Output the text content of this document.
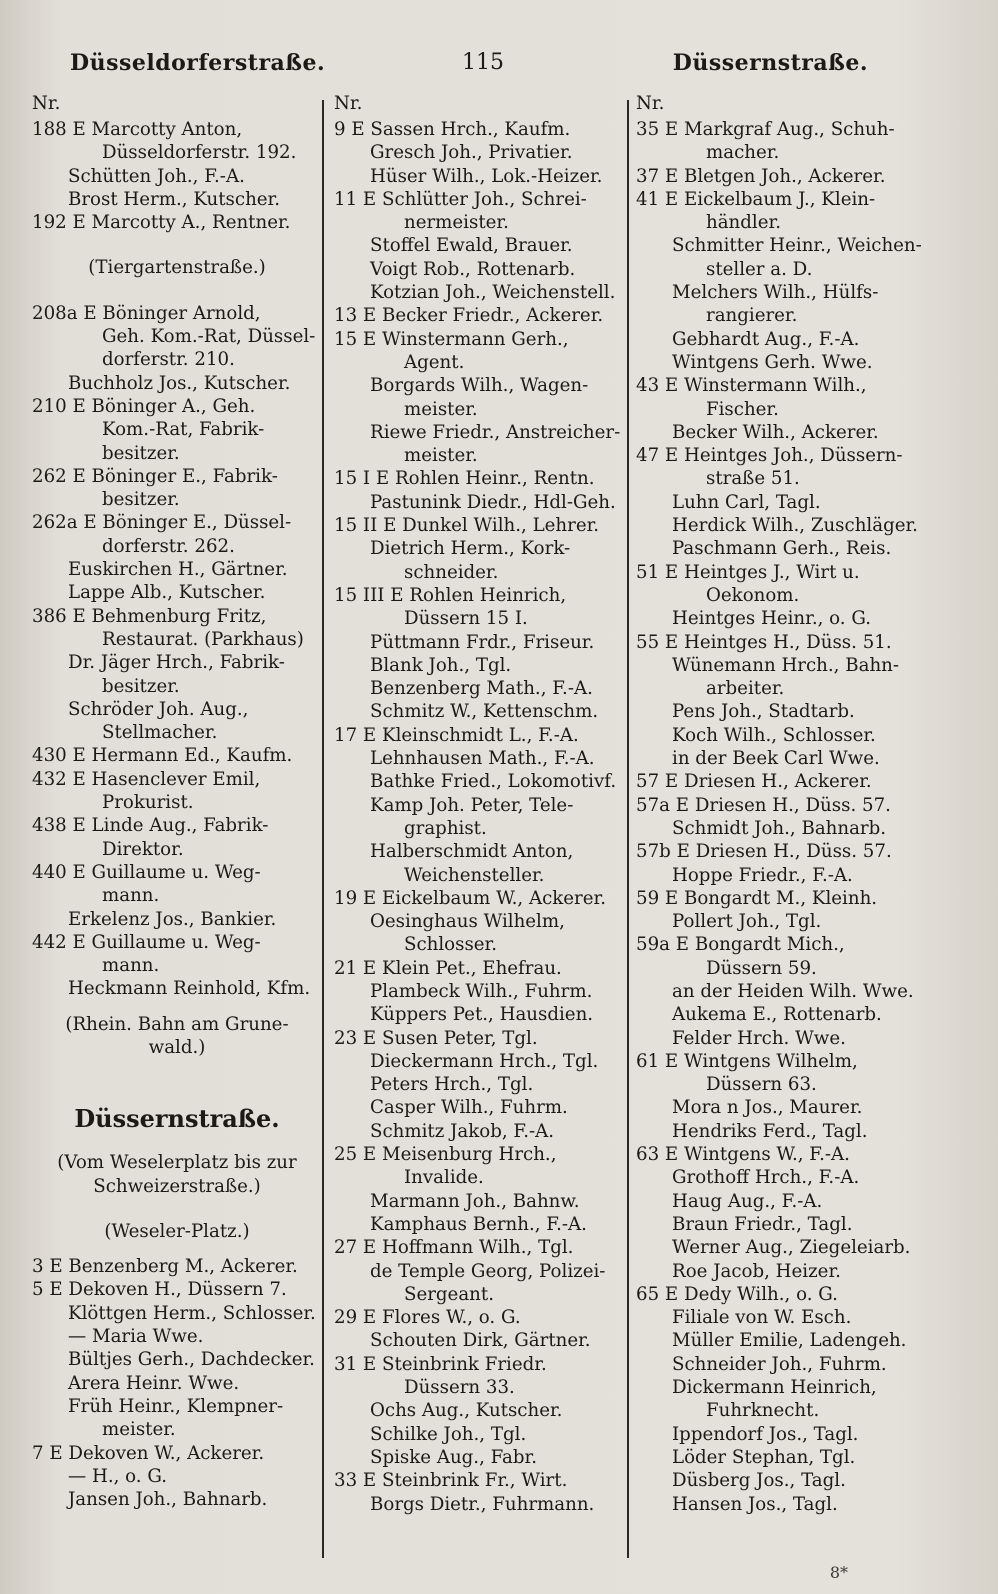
Düsseldorferstraße.	115	Düssernstraße.
Nr.
188 E Marcotty Anton,
Düsseldorferstr. 192.
Schütten Joh., F.-A.
Brost Herm., Kutscher.
192 E Marcotty A., Rentner.
(Tiergartenstraße.)
208a E Böninger Arnold,
Geh. Kom.-Rat, Düssel-
dorferstr. 210.
Buchholz Jos., Kutscher.
210 E Böninger A., Geh.
Kom.-Rat, Fabrik-
besitzer.
262 E Böninger E., Fabrik-
besitzer.
262a E Böninger E., Düssel-
dorferstr. 262.
Euskirchen H., Gärtner.
Lappe Alb., Kutscher.
386 E Behmenburg Fritz,
Restaurat. (Parkhaus)
Dr. Jäger Hrch., Fabrik-
besitzer.
Schröder Joh. Aug.,
Stellmacher.
430 E Hermann Ed., Kaufm.
432 E Hasenclever Emil,
Prokurist.
438 E Linde Aug., Fabrik-
Direktor.
440 E Guillaume u. Weg-
mann.
Erkelenz Jos., Bankier.
442 E Guillaume u. Weg-
mann.
Heckmann Reinhold, Kfm.
(Rhein. Bahn am Grune-
wald.)
Düssernstraße.
(Vom Weselerplatz bis zur
Schweizerstraße.)
(Weseler-Platz.)
3 E Benzenberg M., Ackerer.
5 E Dekoven H., Düssern 7.
Klöttgen Herm., Schlosser.
— Maria Wwe.
Bültjes Gerh., Dachdecker.
Arera Heinr. Wwe.
Früh Heinr., Klempner-
meister.
7 E Dekoven W., Ackerer.
— H., o. G.
Jansen Joh., Bahnarb.
Nr.
9 E Sassen Hrch., Kaufm.
Gresch Joh., Privatier.
Hüser Wilh., Lok.-Heizer.
11 E Schlütter Joh., Schrei-
nermeister.
Stoffel Ewald, Brauer.
Voigt Rob., Rottenarb.
Kotzian Joh., Weichenstell.
13 E Becker Friedr., Ackerer.
15 E Winstermann Gerh.,
Agent.
Borgards Wilh., Wagen-
meister.
Riewe Friedr., Anstreicher-
meister.
15 I E Rohlen Heinr., Rentn.
Pastunink Diedr., Hdl-Geh.
15 II E Dunkel Wilh., Lehrer.
Dietrich Herm., Kork-
schneider.
15 III E Rohlen Heinrich,
Düssern 15 I.
Püttmann Frdr., Friseur.
Blank Joh., Tgl.
Benzenberg Math., F.-A.
Schmitz W., Kettenschm.
17 E Kleinschmidt L., F.-A.
Lehnhausen Math., F.-A.
Bathke Fried., Lokomotivf.
Kamp Joh. Peter, Tele-
graphist.
Halberschmidt Anton,
Weichensteller.
19 E Eickelbaum W., Ackerer.
Oesinghaus Wilhelm,
Schlosser.
21 E Klein Pet., Ehefrau.
Plambeck Wilh., Fuhrm.
Küppers Pet., Hausdien.
23 E Susen Peter, Tgl.
Dieckermann Hrch., Tgl.
Peters Hrch., Tgl.
Casper Wilh., Fuhrm.
Schmitz Jakob, F.-A.
25 E Meisenburg Hrch.,
Invalide.
Marmann Joh., Bahnw.
Kamphaus Bernh., F.-A.
27 E Hoffmann Wilh., Tgl.
de Temple Georg, Polizei-
Sergeant.
29 E Flores W., o. G.
Schouten Dirk, Gärtner.
31 E Steinbrink Friedr.
Düssern 33.
Ochs Aug., Kutscher.
Schilke Joh., Tgl.
Spiske Aug., Fabr.
33 E Steinbrink Fr., Wirt.
Borgs Dietr., Fuhrmann.
Nr.
35 E Markgraf Aug., Schuh-
macher.
37 E Bletgen Joh., Ackerer.
41 E Eickelbaum J., Klein-
händler.
Schmitter Heinr., Weichen-
steller a. D.
Melchers Wilh., Hülfs-
rangierer.
Gebhardt Aug., F.-A.
Wintgens Gerh. Wwe.
43 E Winstermann Wilh.,
Fischer.
Becker Wilh., Ackerer.
47 E Heintges Joh., Düssern-
straße 51.
Luhn Carl, Tagl.
Herdick Wilh., Zuschläger.
Paschmann Gerh., Reis.
51 E Heintges J., Wirt u.
Oekonom.
Heintges Heinr., o. G.
55 E Heintges H., Düss. 51.
Wünemann Hrch., Bahn-
arbeiter.
Pens Joh., Stadtarb.
Koch Wilh., Schlosser.
in der Beek Carl Wwe.
57 E Driesen H., Ackerer.
57a E Driesen H., Düss. 57.
Schmidt Joh., Bahnarb.
57b E Driesen H., Düss. 57.
Hoppe Friedr., F.-A.
59 E Bongardt M., Kleinh.
Pollert Joh., Tgl.
59a E Bongardt Mich.,
Düssern 59.
an der Heiden Wilh. Wwe.
Aukema E., Rottenarb.
Felder Hrch. Wwe.
61 E Wintgens Wilhelm,
Düssern 63.
Mora n Jos., Maurer.
Hendriks Ferd., Tagl.
63 E Wintgens W., F.-A.
Grothoff Hrch., F.-A.
Haug Aug., F.-A.
Braun Friedr., Tagl.
Werner Aug., Ziegeleiarb.
Roe Jacob, Heizer.
65 E Dedy Wilh., o. G.
Filiale von W. Esch.
Müller Emilie, Ladengeh.
Schneider Joh., Fuhrm.
Dickermann Heinrich,
Fuhrknecht.
Ippendorf Jos., Tagl.
Löder Stephan, Tgl.
Düsberg Jos., Tagl.
Hansen Jos., Tagl.
8*
